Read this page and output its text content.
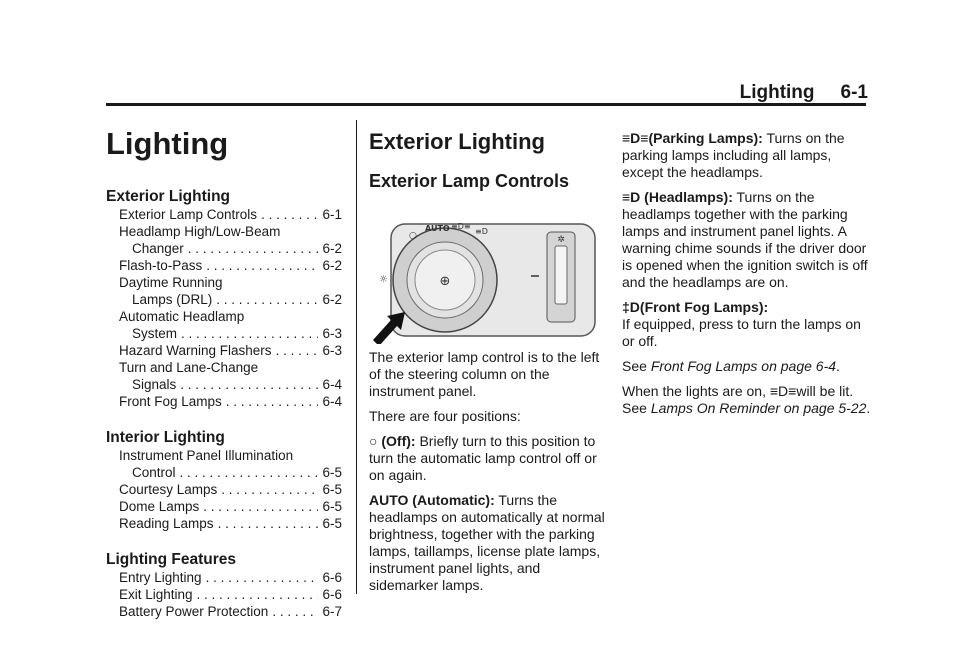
Lighting 6-1
Lighting
Exterior Lighting
Exterior Lamp Controls . . .	6-1
Headlamp High/Low-Beam
Changer . . .	6-2
Flash-to-Pass . . .	6-2
Daytime Running
Lamps (DRL) . . .	6-2
Automatic Headlamp
System . . .	6-3
Hazard Warning Flashers . . .	6-3
Turn and Lane-Change
Signals . . .	6-4
Front Fog Lamps . . .	6-4
Interior Lighting
Instrument Panel Illumination
Control . . .	6-5
Courtesy Lamps . . .	6-5
Dome Lamps . . .	6-5
Reading Lamps . . .	6-5
Lighting Features
Entry Lighting . . .	6-6
Exit Lighting . . .	6-6
Battery Power Protection . . .	6-7
Exterior Lighting
Exterior Lamp Controls
✲
⊕
○
AUTO ≡D≡
≡D
☼

The exterior lamp control is to the left of the steering column on the instrument panel.

There are four positions:

○ (Off): Briefly turn to this position to turn the automatic lamp control off or on again.

AUTO (Automatic): Turns the headlamps on automatically at normal brightness, together with the parking lamps, taillamps, license plate lamps, instrument panel lights, and sidemarker lamps.

≡D≡(Parking Lamps): Turns on the parking lamps including all lamps, except the headlamps.

≡D (Headlamps): Turns on the headlamps together with the parking lamps and instrument panel lights. A warning chime sounds if the driver door is opened when the ignition switch is off and the headlamps are on.

‡D(Front Fog Lamps):
If equipped, press to turn the lamps on or off.

See Front Fog Lamps on page 6-4.

When the lights are on, ≡D≡will be lit. See Lamps On Reminder on page 5-22.
